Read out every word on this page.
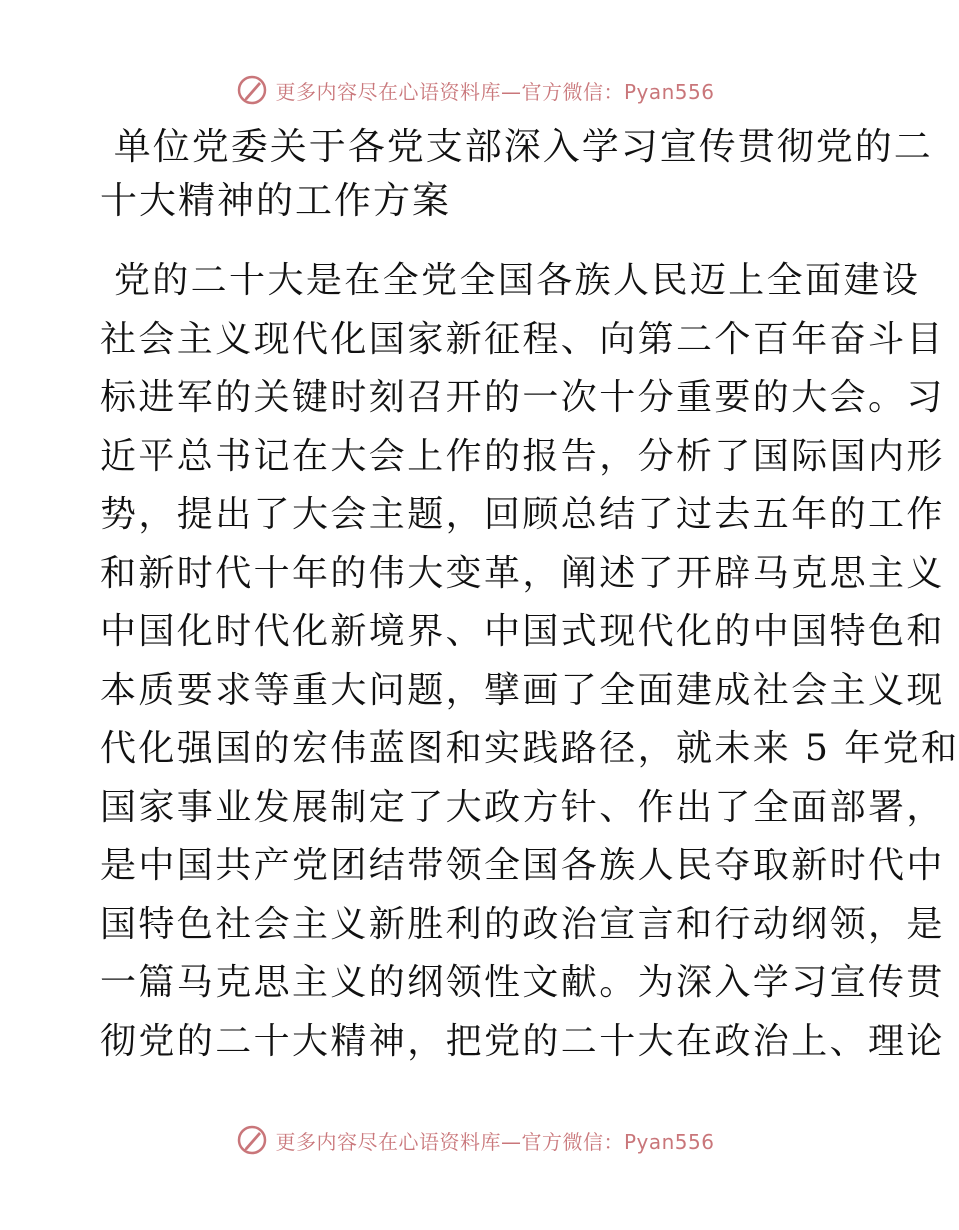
更多内容尽在心语资料库—官方微信：Pyan556
单位党委关于各党支部深入学习宣传贯彻党的二
十大精神的工作方案
党的二十大是在全党全国各族人民迈上全面建设
社会主义现代化国家新征程、向第二个百年奋斗目
标进军的关键时刻召开的一次十分重要的大会。习
近平总书记在大会上作的报告，分析了国际国内形
势，提出了大会主题，回顾总结了过去五年的工作
和新时代十年的伟大变革，阐述了开辟马克思主义
中国化时代化新境界、中国式现代化的中国特色和
本质要求等重大问题，擘画了全面建成社会主义现
代化强国的宏伟蓝图和实践路径，就未来 5 年党和
国家事业发展制定了大政方针、作出了全面部署，
是中国共产党团结带领全国各族人民夺取新时代中
国特色社会主义新胜利的政治宣言和行动纲领，是
一篇马克思主义的纲领性文献。为深入学习宣传贯
彻党的二十大精神，把党的二十大在政治上、理论
更多内容尽在心语资料库—官方微信：Pyan556
